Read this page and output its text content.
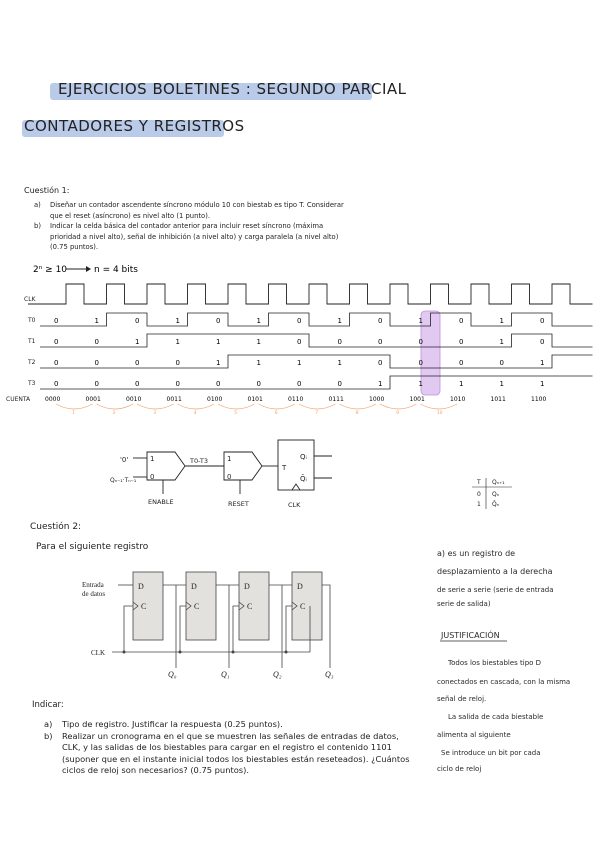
EJERCICIOS BOLETINES : SEGUNDO PARCIAL
CONTADORES Y REGISTROS
Cuestión 1:
a) Diseñar un contador ascendente síncrono módulo 10 con biestab es tipo T. Considerar que el reset (asíncrono) es nivel alto (1 punto).
b) Indicar la celda básica del contador anterior para incluir reset síncrono (máxima prioridad a nivel alto), señal de inhibición (a nivel alto) y carga paralela (a nivel alto) (0.75 puntos).
2ⁿ ≥ 10	n = 4 bits
CLK
T0
T1
T2
T3
CUENTA
0	1	0	1	0	1	0	1	0	1	0	1	0
0	0	1	1	1	1	0	0	0	0	0	1	0
0	0	0	0	1	1	1	1	0	0	0	0	1
0	0	0	0	0	0	0	0	1	1	1	1	1
0000	0001	0010	0011	0100	0101	0110	0111	1000	1001	1010	1011	1100
1	2	3	4	5	6	7	8	9	10
'0'
Qₙ₋₁·Tₙ₋₁
1
0
T0-T3	1
0
T
Qᵢ
Q̄ᵢ
ENABLE	RESET	CLK
T Qₙ₊₁
0 Qₙ
1 Q̄ₙ
D
C
D
C
D
C
D
C
Entrada
de datos
CLK
Q₀	Q₁	Q₂	Q₃
a) es un registro de
desplazamiento a la derecha
de serie a serie (serie de entrada
serie de salida)
JUSTIFICACIÓN
Todos los biestables tipo D
conectados en cascada, con la misma
señal de reloj.
La salida de cada biestable
alimenta al siguiente
Se introduce un bit por cada
ciclo de reloj
Cuestión 2:
Para el siguiente registro
Indicar:
a) Tipo de registro. Justificar la respuesta (0.25 puntos).
b) Realizar un cronograma en el que se muestren las señales de entradas de datos, CLK, y las salidas de los biestables para cargar en el registro el contenido 1101 (suponer que en el instante inicial todos los biestables están reseteados). ¿Cuántos ciclos de reloj son necesarios? (0.75 puntos).
